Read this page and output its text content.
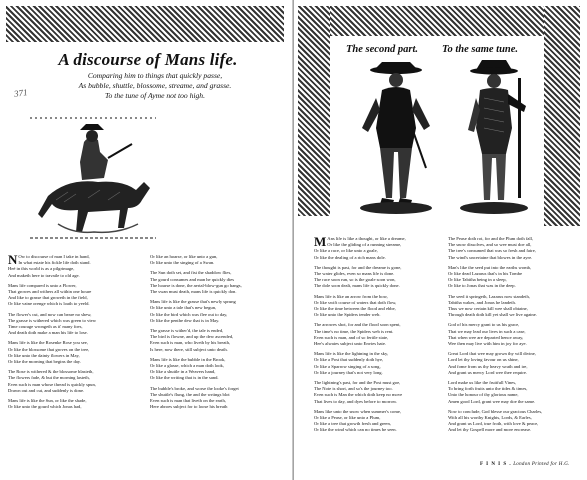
A discourse of Mans life.
Comparing him to things that quickly passe,
As bubble, shuttle, blossome, streame, and grasse.
To the tune of Ayme not too high.
371
N Ow to discourse of man I take in hand,
In what estate his fickle life doth stand.
Heé in this world is as a pilgrimage,
And maketh here to travaile to old age.
Mans life compared is unto a Flower,
That growes and withers all within one houre
And like to grasse that groweth in the field,
Or like vaine orenge which is loath to yeeld.
The flower's cut, and now can beare no shew,
The grasse is withered which was green to view
Time courage wrongeth as it' many foes,
And death doth make a man his life to lose.
Mans life is like the Rosenke Rose you see,
Or like the blossome that groves on the tree,
Or like unto the dainty flowers in May,
Or like the morning that begins the day.
The Rose is withered & the blossome blasteth,
The flowers fade, & but the morning lasteth,
Even such is man whose thread is quickly spun,
Drawn out and cut, and suddenly is done.
Mans life is like the Sun, or like the shade,
Or like unto the gourd which Jonas had,
Or like an hoarse, or like unto a gun,
Or like unto the singing of a Swan.
The Sun doth set, and fist the shaddow flies,
The gourd consumes and man he quickly dies
The hoarse is done, the aerial-blow-gun go bangs,
The swan must death, mans life is quickly don.
Mans life is like the grasse that's newly sprung
Or like unto a tale that's new begun,
Or like the bird which was flee out to day,
Or like the penthe dew that is in May.
The grasse is wither'd, the tale is ended,
The bird is flowne, and up the dew ascended,
Even such is man, who liveth by his breath,
Is here, now there, still subject unto death.
Mans life is like the bubble in the Brook,
Or like a glasse, which a man doth look,
Or like a shuttle in a Weavers hand,
Or like the writing that is in the sand.
The bubble's broke, and worse the looke's forget
The shuttle's flung, the and the wrtings blot
Even such is man that liveth on the earth,
Here abroes subject for to loose his breath
The second part. To the same tune.
M Ans life is like a thought, or like a dreame,
Or like the gliding of a running streame,
Or like a race, or like unto a goale,
Or like the dealing of a rich mans dole.
The thought is past, for and the dreame is gone,
The water glides, even so mans life is done.
The race soon run, so is the goale soon won,
The dole soon dealt, mans life is quickly done.
Mans life is like an arrow from the bow,
Or like swift course of waters that doth flow,
Or like the time between the flood and ebbe,
Or like unto the Spiders tender web.
The arrowes shot, for and the flood soon spent,
The time's no time, the Spiders web is rent.
Even such is man, and of so fertile state,
Hee's alwaies subject unto Envies hate.
Mans life is like the lightning in the sky,
Or like a Post that suddenly doth hye,
Or like a Sparrow singing of a song,
Or like a journey that's not very long.
The lightning's past, for and the Post must goe,
The Note is short, and so's the journey too.
Even such is Man the which doth keep no move
That lives to day, and dyes before to morrow.
Mans like unto the snow when summer's come,
Or like a Pease, or like unto a Plum,
Or like a tree that growth fresh and green,
Or like the wind which can no times be seen.
The Pease doth rot, for and the Plum doth fall,
The snow dissolves, and so wee must doe all,
The tree's consumed that was so fresh and faire,
The wind's uncertaine that blowes in the ayre.
Man's like the seed put into the earths womb,
Or like dead Lazarus that's in his Tombe
Or like Tabitha being in a sleep,
Or like to Jonas that was in the deep.
The seed it springeth, Lazarus now standeth,
Tabitha wakes, and Jonas he landeth.
Thus we now certain kill wee shall obtaine,
Through death doth kill yet shall we live againe.
God of his mercy grant to us his grace,
That we may lead our lives in such a case,
That when wee are departed hence away,
Wee then may live with him in joy for aye.
Great Lord that wee may grown thy will divine,
Lord let thy loving favour on us shine,
And fome from us thy heavy wrath and ire,
And grant us mercy Lord wee thee require.
Lord make us like the fruitfull Vines,
To bring forth fruits unto the tides & times,
Unto the honour of thy glorious name,
Amen good Lord, grant wee may doe the same.
Now to conclude, God blesse our gracious Charles,
With all his worthy Knights, Lords, & Earles,
And grant us Lord, true froth, with love & peace,
And let thy Gospell more and more encrease.
F I N I S . London Printed for H.G.
